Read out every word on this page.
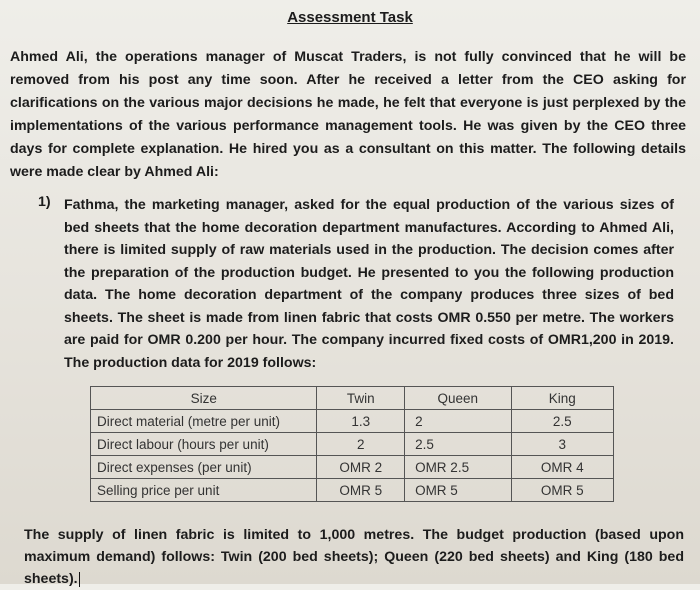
Assessment Task
Ahmed Ali, the operations manager of Muscat Traders, is not fully convinced that he will be removed from his post any time soon. After he received a letter from the CEO asking for clarifications on the various major decisions he made, he felt that everyone is just perplexed by the implementations of the various performance management tools. He was given by the CEO three days for complete explanation. He hired you as a consultant on this matter. The following details were made clear by Ahmed Ali:
1) Fathma, the marketing manager, asked for the equal production of the various sizes of bed sheets that the home decoration department manufactures. According to Ahmed Ali, there is limited supply of raw materials used in the production. The decision comes after the preparation of the production budget. He presented to you the following production data. The home decoration department of the company produces three sizes of bed sheets. The sheet is made from linen fabric that costs OMR 0.550 per metre. The workers are paid for OMR 0.200 per hour. The company incurred fixed costs of OMR1,200 in 2019. The production data for 2019 follows:
Size	Twin	Queen	King
Direct material (metre per unit)	1.3	2	2.5
Direct labour (hours per unit)	2	2.5	3
Direct expenses (per unit)	OMR 2	OMR 2.5	OMR 4
Selling price per unit	OMR 5	OMR 5	OMR 5
The supply of linen fabric is limited to 1,000 metres. The budget production (based upon maximum demand) follows: Twin (200 bed sheets); Queen (220 bed sheets) and King (180 bed sheets).
